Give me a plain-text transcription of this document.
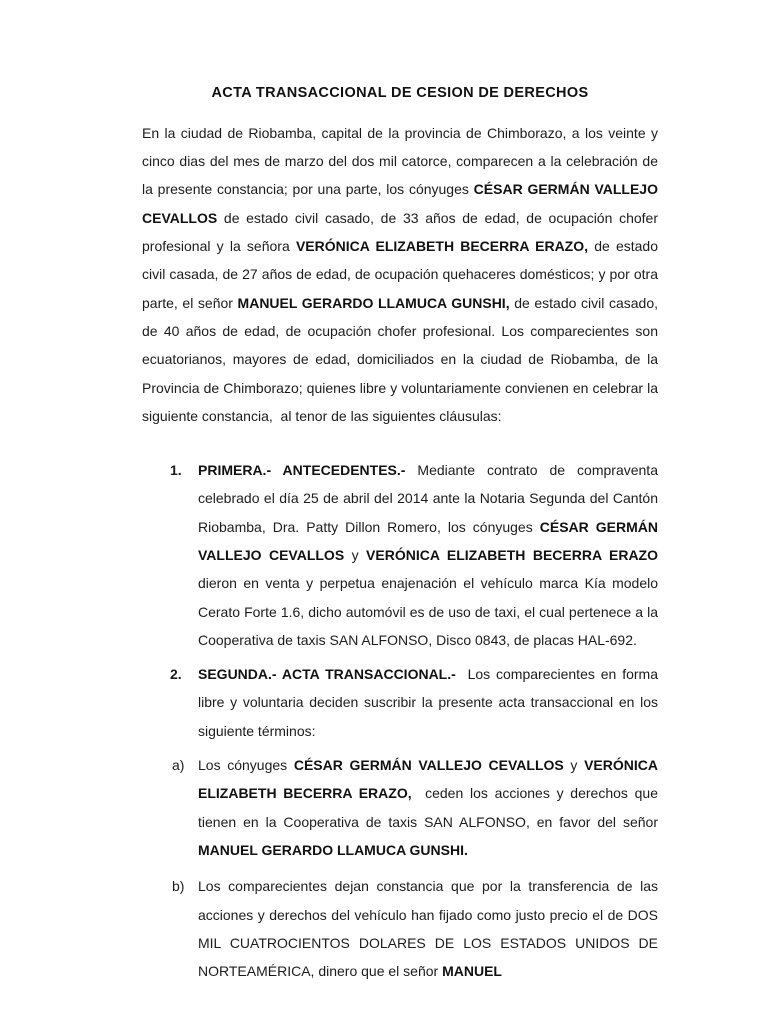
ACTA TRANSACCIONAL DE CESION DE DERECHOS

En la ciudad de Riobamba, capital de la provincia de Chimborazo, a los veinte y cinco dias del mes de marzo del dos mil catorce, comparecen a la celebración de la presente constancia; por una parte, los cónyuges CÉSAR GERMÁN VALLEJO CEVALLOS de estado civil casado, de 33 años de edad, de ocupación chofer profesional y la señora VERÓNICA ELIZABETH BECERRA ERAZO, de estado civil casada, de 27 años de edad, de ocupación quehaceres domésticos; y por otra parte, el señor MANUEL GERARDO LLAMUCA GUNSHI, de estado civil casado, de 40 años de edad, de ocupación chofer profesional. Los comparecientes son ecuatorianos, mayores de edad, domiciliados en la ciudad de Riobamba, de la Provincia de Chimborazo; quienes libre y voluntariamente convienen en celebrar la siguiente constancia,  al tenor de las siguientes cláusulas:

1. PRIMERA.- ANTECEDENTES.- Mediante contrato de compraventa celebrado el día 25 de abril del 2014 ante la Notaria Segunda del Cantón Riobamba, Dra. Patty Dillon Romero, los cónyuges CÉSAR GERMÁN VALLEJO CEVALLOS y VERÓNICA ELIZABETH BECERRA ERAZO dieron en venta y perpetua enajenación el vehículo marca Kía modelo Cerato Forte 1.6, dicho automóvil es de uso de taxi, el cual pertenece a la Cooperativa de taxis SAN ALFONSO, Disco 0843, de placas HAL-692.
2. SEGUNDA.- ACTA TRANSACCIONAL.-  Los comparecientes en forma libre y voluntaria deciden suscribir la presente acta transaccional en los siguiente términos:
a) Los cónyuges CÉSAR GERMÁN VALLEJO CEVALLOS y VERÓNICA ELIZABETH BECERRA ERAZO,  ceden los acciones y derechos que tienen en la Cooperativa de taxis SAN ALFONSO, en favor del señor MANUEL GERARDO LLAMUCA GUNSHI.
b) Los comparecientes dejan constancia que por la transferencia de las acciones y derechos del vehículo han fijado como justo precio el de DOS MIL CUATROCIENTOS DOLARES DE LOS ESTADOS UNIDOS DE NORTEAMÉRICA, dinero que el señor MANUEL
